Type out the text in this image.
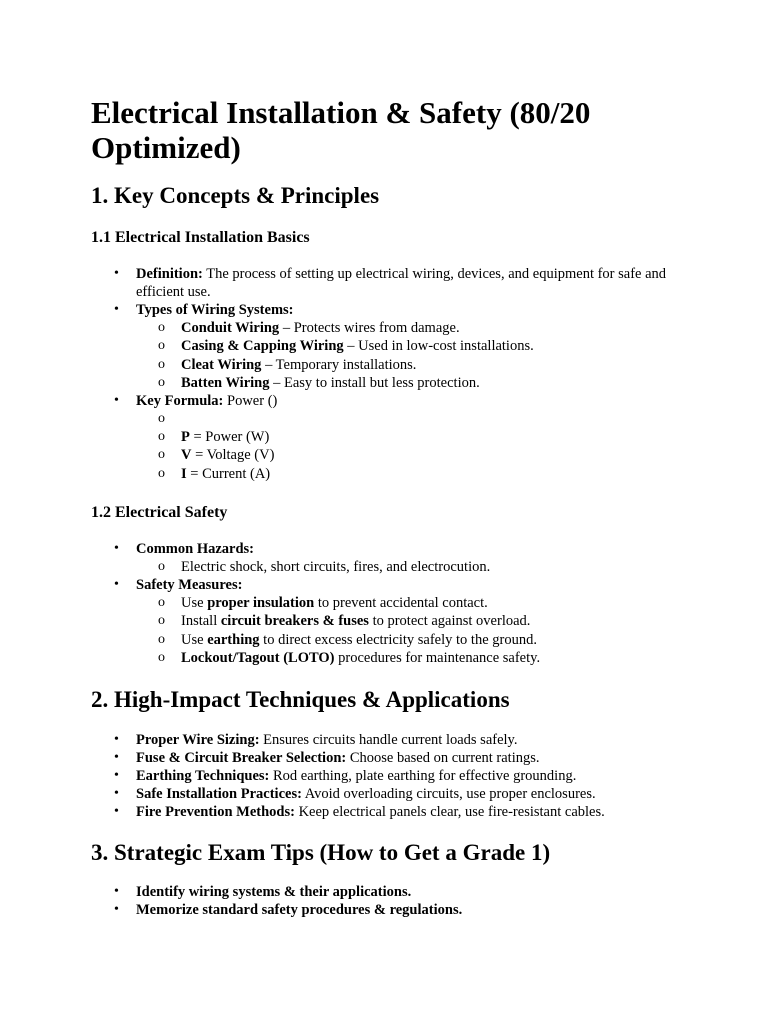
Electrical Installation & Safety (80/20 Optimized)
1. Key Concepts & Principles
1.1 Electrical Installation Basics
• Definition: The process of setting up electrical wiring, devices, and equipment for safe and efficient use.
• Types of Wiring Systems:
o Conduit Wiring – Protects wires from damage.
o Casing & Capping Wiring – Used in low-cost installations.
o Cleat Wiring – Temporary installations.
o Batten Wiring – Easy to install but less protection.
• Key Formula: Power ()
o
o P = Power (W)
o V = Voltage (V)
o I = Current (A)
1.2 Electrical Safety
• Common Hazards:
o Electric shock, short circuits, fires, and electrocution.
• Safety Measures:
o Use proper insulation to prevent accidental contact.
o Install circuit breakers & fuses to protect against overload.
o Use earthing to direct excess electricity safely to the ground.
o Lockout/Tagout (LOTO) procedures for maintenance safety.
2. High-Impact Techniques & Applications
• Proper Wire Sizing: Ensures circuits handle current loads safely.
• Fuse & Circuit Breaker Selection: Choose based on current ratings.
• Earthing Techniques: Rod earthing, plate earthing for effective grounding.
• Safe Installation Practices: Avoid overloading circuits, use proper enclosures.
• Fire Prevention Methods: Keep electrical panels clear, use fire-resistant cables.
3. Strategic Exam Tips (How to Get a Grade 1)
• Identify wiring systems & their applications.
• Memorize standard safety procedures & regulations.
